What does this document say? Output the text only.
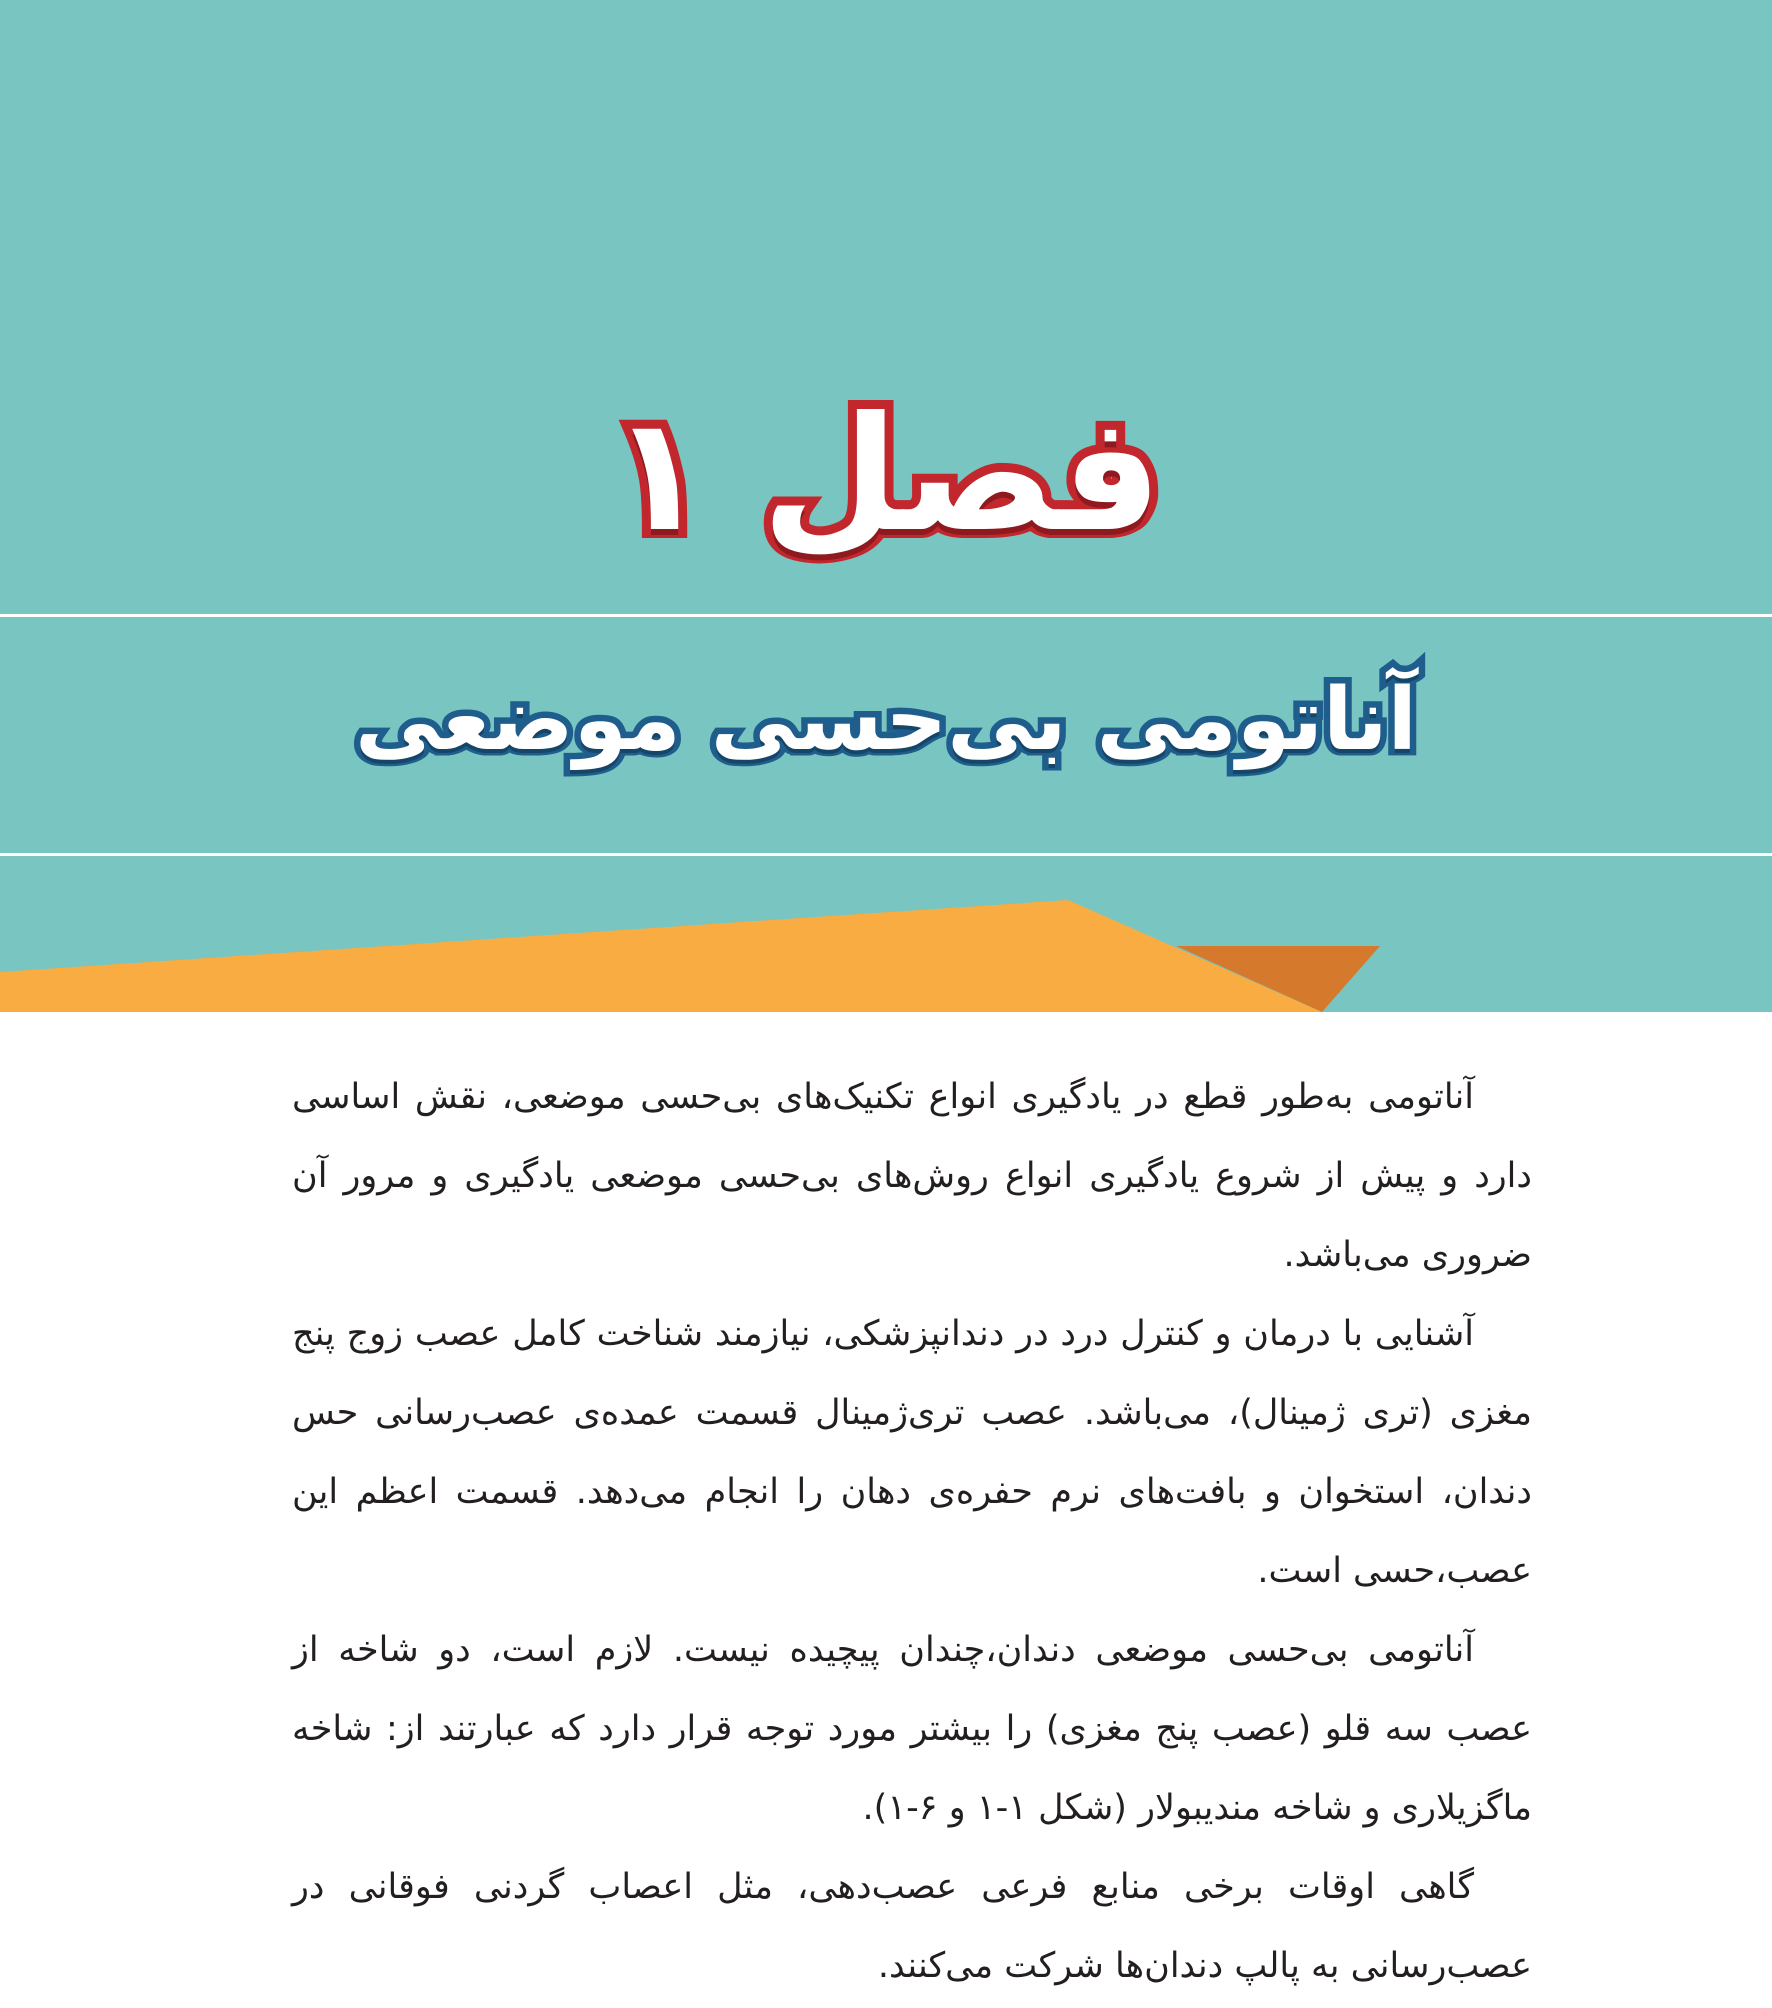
فصل ۱
آناتومی بی‌حسی موضعی

آناتومی به‌طور قطع در یادگیری انواع تکنیک‌های بی‌حسی موضعی، نقش اساسی دارد و پیش از شروع یادگیری انواع روش‌های بی‌حسی موضعی یادگیری و مرور آن ضروری می‌باشد.

آشنایی با درمان و کنترل درد در دندانپزشکی، نیازمند شناخت کامل عصب زوج پنج مغزی (تری ژمینال)، می‌باشد. عصب تری‌ژمینال قسمت عمده‌ی عصب‌رسانی حس دندان، استخوان و بافت‌های نرم حفره‌ی دهان را انجام می‌دهد. قسمت اعظم این عصب،حسی است.

آناتومی بی‌حسی موضعی دندان،چندان پیچیده نیست. لازم است، دو شاخه از عصب سه قلو (عصب پنج مغزی) را بیشتر مورد توجه قرار دارد که عبارتند از: شاخه ماگزیلاری و شاخه مندیبولار (شکل ۱-۱ و ۶-۱).

گاهی اوقات برخی منابع فرعی عصب‌دهی، مثل اعصاب گردنی فوقانی در عصب‌رسانی به پالپ دندان‌ها شرکت می‌کنند.
